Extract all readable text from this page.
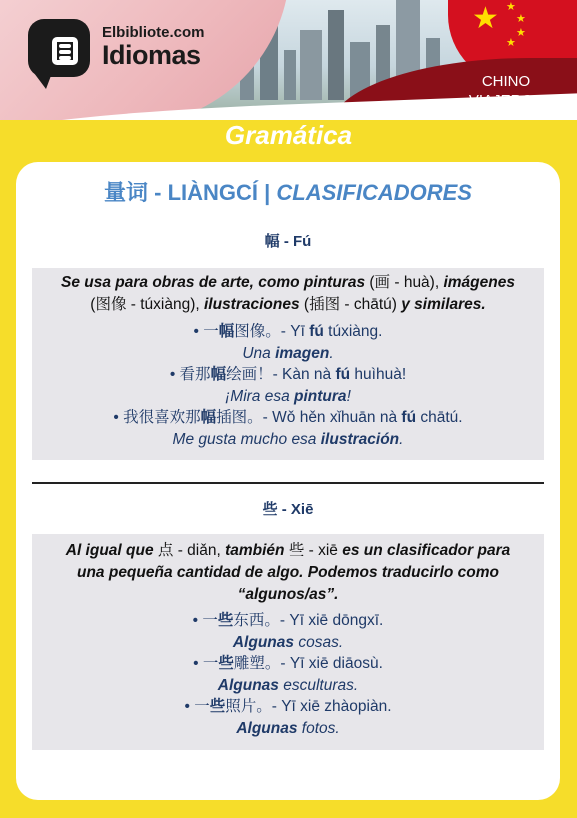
★ ★
★
★
★
Elbibliote.com
Idiomas
CHINO
VIAJEROS
Gramática
量词 - LIÀNGCÍ | CLASIFICADORES
幅 - Fú
Se usa para obras de arte, como pinturas (画 - huà), imágenes
(图像 - túxiàng), ilustraciones (插图 - chātú) y similares.
• 一幅图像。- Yī fú túxiàng.
Una imagen.
• 看那幅绘画！- Kàn nà fú huìhuà!
¡Mira esa pintura!
• 我很喜欢那幅插图。- Wǒ hěn xǐhuān nà fú chātú.
Me gusta mucho esa ilustración.
些 - Xiē
Al igual que 点 - diǎn, también 些 - xiē es un clasificador para una pequeña cantidad de algo. Podemos traducirlo como “algunos/as”.
• 一些东西。- Yī xiē dōngxī.
Algunas cosas.
• 一些雕塑。- Yī xiē diāosù.
Algunas esculturas.
• 一些照片。- Yī xiē zhàopiàn.
Algunas fotos.
